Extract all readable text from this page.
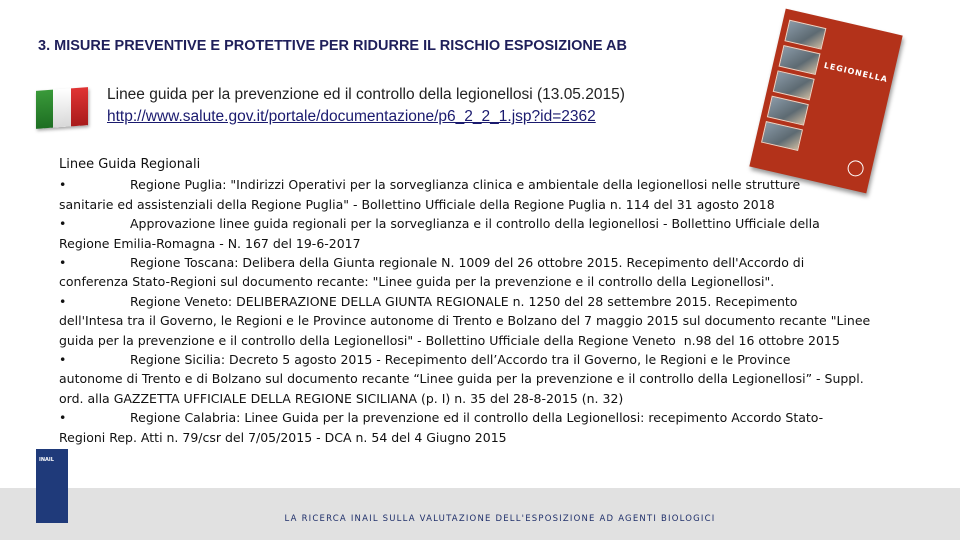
3. MISURE PREVENTIVE E PROTETTIVE PER RIDURRE IL RISCHIO ESPOSIZIONE AB
Linee guida per la prevenzione ed il controllo della legionellosi (13.05.2015)
http://www.salute.gov.it/portale/documentazione/p6_2_2_1.jsp?id=2362
LEGIONELLA
Linee Guida Regionali
•	Regione Puglia: "Indirizzi Operativi per la sorveglianza clinica e ambientale della legionellosi nelle strutture
sanitarie ed assistenziali della Regione Puglia" - Bollettino Ufficiale della Regione Puglia n. 114 del 31 agosto 2018
•	Approvazione linee guida regionali per la sorveglianza e il controllo della legionellosi - Bollettino Ufficiale della
Regione Emilia-Romagna - N. 167 del 19-6-2017
•	Regione Toscana: Delibera della Giunta regionale N. 1009 del 26 ottobre 2015. Recepimento dell'Accordo di
conferenza Stato-Regioni sul documento recante: "Linee guida per la prevenzione e il controllo della Legionellosi".
•	Regione Veneto: DELIBERAZIONE DELLA GIUNTA REGIONALE n. 1250 del 28 settembre 2015. Recepimento
dell'Intesa tra il Governo, le Regioni e le Province autonome di Trento e Bolzano del 7 maggio 2015 sul documento recante "Linee guida per la prevenzione e il controllo della Legionellosi" - Bollettino Ufficiale della Regione Veneto  n.98 del 16 ottobre 2015
•	Regione Sicilia: Decreto 5 agosto 2015 - Recepimento dell’Accordo tra il Governo, le Regioni e le Province
autonome di Trento e di Bolzano sul documento recante “Linee guida per la prevenzione e il controllo della Legionellosi” - Suppl. ord. alla GAZZETTA UFFICIALE DELLA REGIONE SICILIANA (p. I) n. 35 del 28-8-2015 (n. 32)
•	Regione Calabria: Linee Guida per la prevenzione ed il controllo della Legionellosi: recepimento Accordo Stato-
Regioni Rep. Atti n. 79/csr del 7/05/2015 - DCA n. 54 del 4 Giugno 2015
INAIL
LA RICERCA INAIL SULLA VALUTAZIONE DELL'ESPOSIZIONE AD AGENTI BIOLOGICI
